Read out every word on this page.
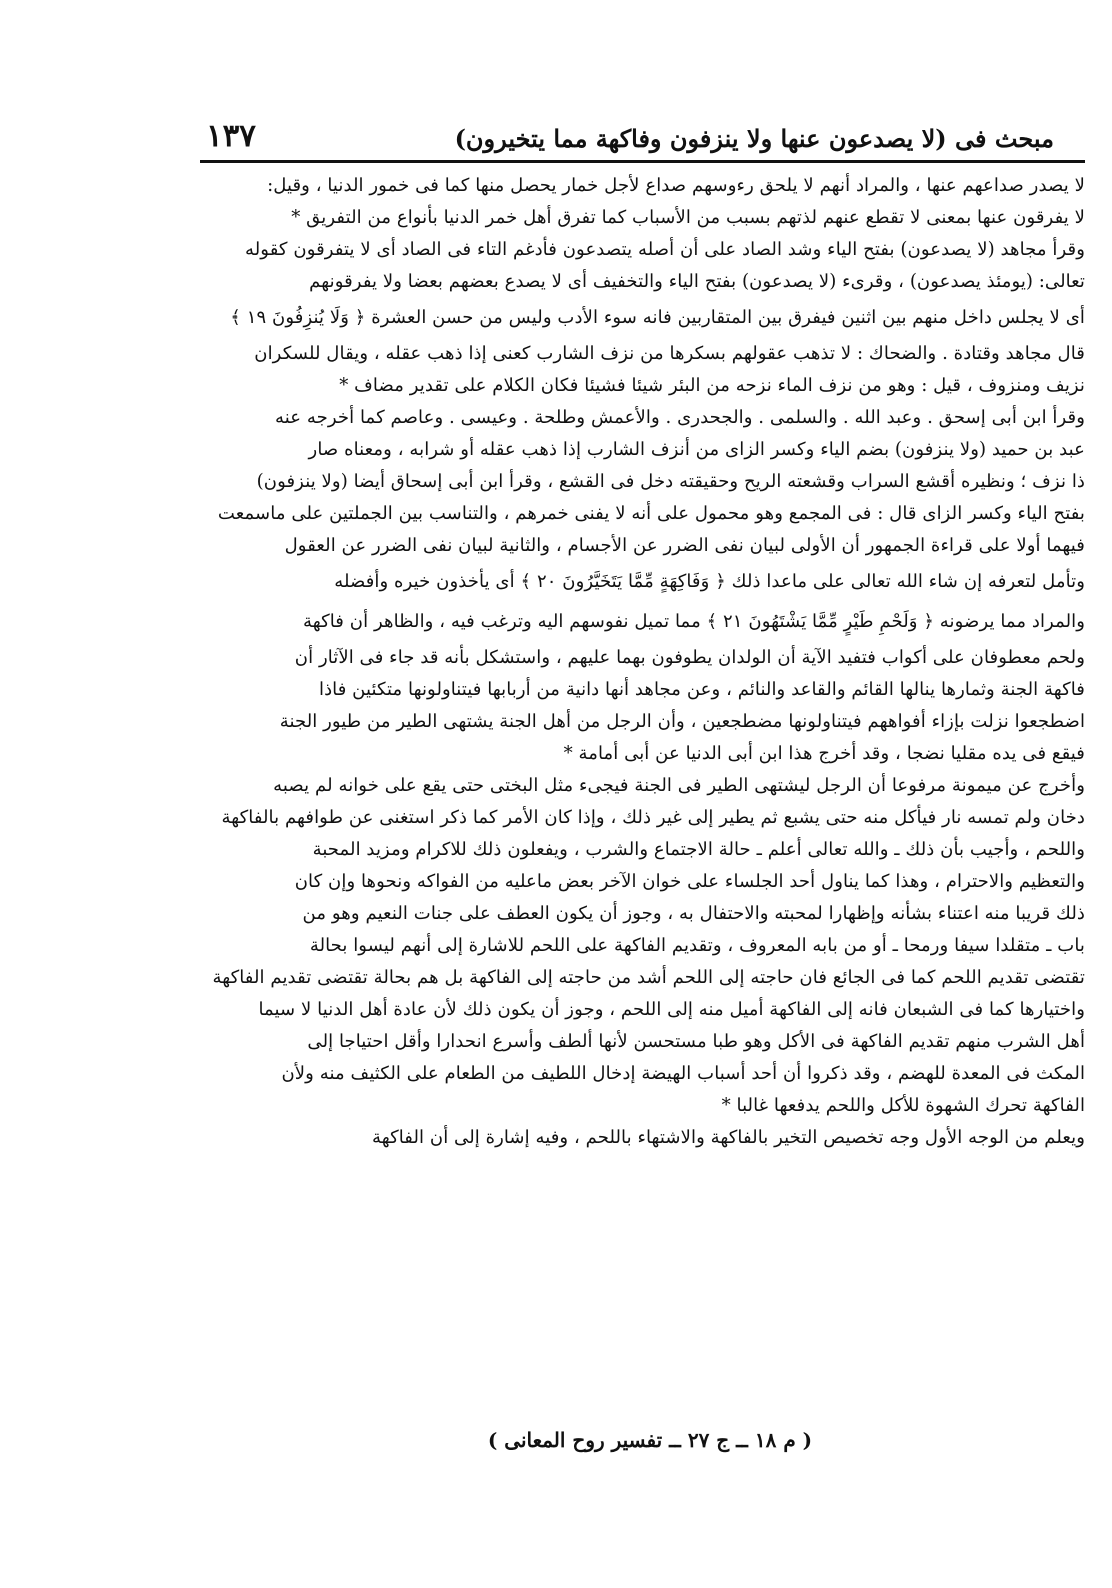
مبحث فى (لا يصدعون عنها ولا ينزفون وفاكهة مما يتخيرون)
١٣٧
لا يصدر صداعهم عنها ، والمراد أنهم لا يلحق رءوسهم صداع لأجل خمار يحصل منها كما فى خمور الدنيا ، وقيل:
لا يفرقون عنها بمعنى لا تقطع عنهم لذتهم بسبب من الأسباب كما تفرق أهل خمر الدنيا بأنواع من التفريق *
وقرأ مجاهد (لا يصدعون) بفتح الياء وشد الصاد على أن أصله يتصدعون فأدغم التاء فى الصاد أى لا يتفرقون كقوله
تعالى: (يومئذ يصدعون) ، وقرىء (لا يصدعون) بفتح الياء والتخفيف أى لا يصدع بعضهم بعضا ولا يفرقونهم
أى لا يجلس داخل منهم بين اثنين فيفرق بين المتقاربين فانه سوء الأدب وليس من حسن العشرة ﴿ وَلَا يُنزِفُونَ ١٩ ﴾
قال مجاهد وقتادة . والضحاك : لا تذهب عقولهم بسكرها من نزف الشارب كعنى إذا ذهب عقله ، ويقال للسكران
نزيف ومنزوف ، قيل : وهو من نزف الماء نزحه من البئر شيئا فشيئا فكان الكلام على تقدير مضاف *
وقرأ ابن أبى إسحق . وعبد الله . والسلمى . والجحدرى . والأعمش وطلحة . وعيسى . وعاصم كما أخرجه عنه
عبد بن حميد (ولا ينزفون) بضم الياء وكسر الزاى من أنزف الشارب إذا ذهب عقله أو شرابه ، ومعناه صار
ذا نزف ؛ ونظيره أقشع السراب وقشعته الريح وحقيقته دخل فى القشع ، وقرأ ابن أبى إسحاق أيضا (ولا ينزفون)
بفتح الياء وكسر الزاى قال : فى المجمع وهو محمول على أنه لا يفنى خمرهم ، والتناسب بين الجملتين على ماسمعت
فيهما أولا على قراءة الجمهور أن الأولى لبيان نفى الضرر عن الأجسام ، والثانية لبيان نفى الضرر عن العقول
وتأمل لتعرفه إن شاء الله تعالى على ماعدا ذلك ﴿ وَفَاكِهَةٍ مِّمَّا يَتَخَيَّرُونَ ٢٠ ﴾ أى يأخذون خيره وأفضله
والمراد مما يرضونه ﴿ وَلَحْمِ طَيْرٍ مِّمَّا يَشْتَهُونَ ٢١ ﴾ مما تميل نفوسهم اليه وترغب فيه ، والظاهر أن فاكهة
ولحم معطوفان على أكواب فتفيد الآية أن الولدان يطوفون بهما عليهم ، واستشكل بأنه قد جاء فى الآثار أن
فاكهة الجنة وثمارها ينالها القائم والقاعد والنائم ، وعن مجاهد أنها دانية من أربابها فيتناولونها متكئين فاذا
اضطجعوا نزلت بإزاء أفواههم فيتناولونها مضطجعين ، وأن الرجل من أهل الجنة يشتهى الطير من طيور الجنة
فيقع فى يده مقليا نضجا ، وقد أخرج هذا ابن أبى الدنيا عن أبى أمامة *
وأخرج عن ميمونة مرفوعا أن الرجل ليشتهى الطير فى الجنة فيجىء مثل البختى حتى يقع على خوانه لم يصبه
دخان ولم تمسه نار فيأكل منه حتى يشبع ثم يطير إلى غير ذلك ، وإذا كان الأمر كما ذكر استغنى عن طوافهم بالفاكهة
واللحم ، وأجيب بأن ذلك ـ والله تعالى أعلم ـ حالة الاجتماع والشرب ، ويفعلون ذلك للاكرام ومزيد المحبة
والتعظيم والاحترام ، وهذا كما يناول أحد الجلساء على خوان الآخر بعض ماعليه من الفواكه ونحوها وإن كان
ذلك قريبا منه اعتناء بشأنه وإظهارا لمحبته والاحتفال به ، وجوز أن يكون العطف على جنات النعيم وهو من
باب ـ متقلدا سيفا ورمحا ـ أو من بابه المعروف ، وتقديم الفاكهة على اللحم للاشارة إلى أنهم ليسوا بحالة
تقتضى تقديم اللحم كما فى الجائع فان حاجته إلى اللحم أشد من حاجته إلى الفاكهة بل هم بحالة تقتضى تقديم الفاكهة
واختيارها كما فى الشبعان فانه إلى الفاكهة أميل منه إلى اللحم ، وجوز أن يكون ذلك لأن عادة أهل الدنيا لا سيما
أهل الشرب منهم تقديم الفاكهة فى الأكل وهو طبا مستحسن لأنها ألطف وأسرع انحدارا وأقل احتياجا إلى
المكث فى المعدة للهضم ، وقد ذكروا أن أحد أسباب الهيضة إدخال اللطيف من الطعام على الكثيف منه ولأن
الفاكهة تحرك الشهوة للأكل واللحم يدفعها غالبا *
ويعلم من الوجه الأول وجه تخصيص التخير بالفاكهة والاشتهاء باللحم ، وفيه إشارة إلى أن الفاكهة
( م ١٨ ــ ج ٢٧ ــ تفسير روح المعانى )
